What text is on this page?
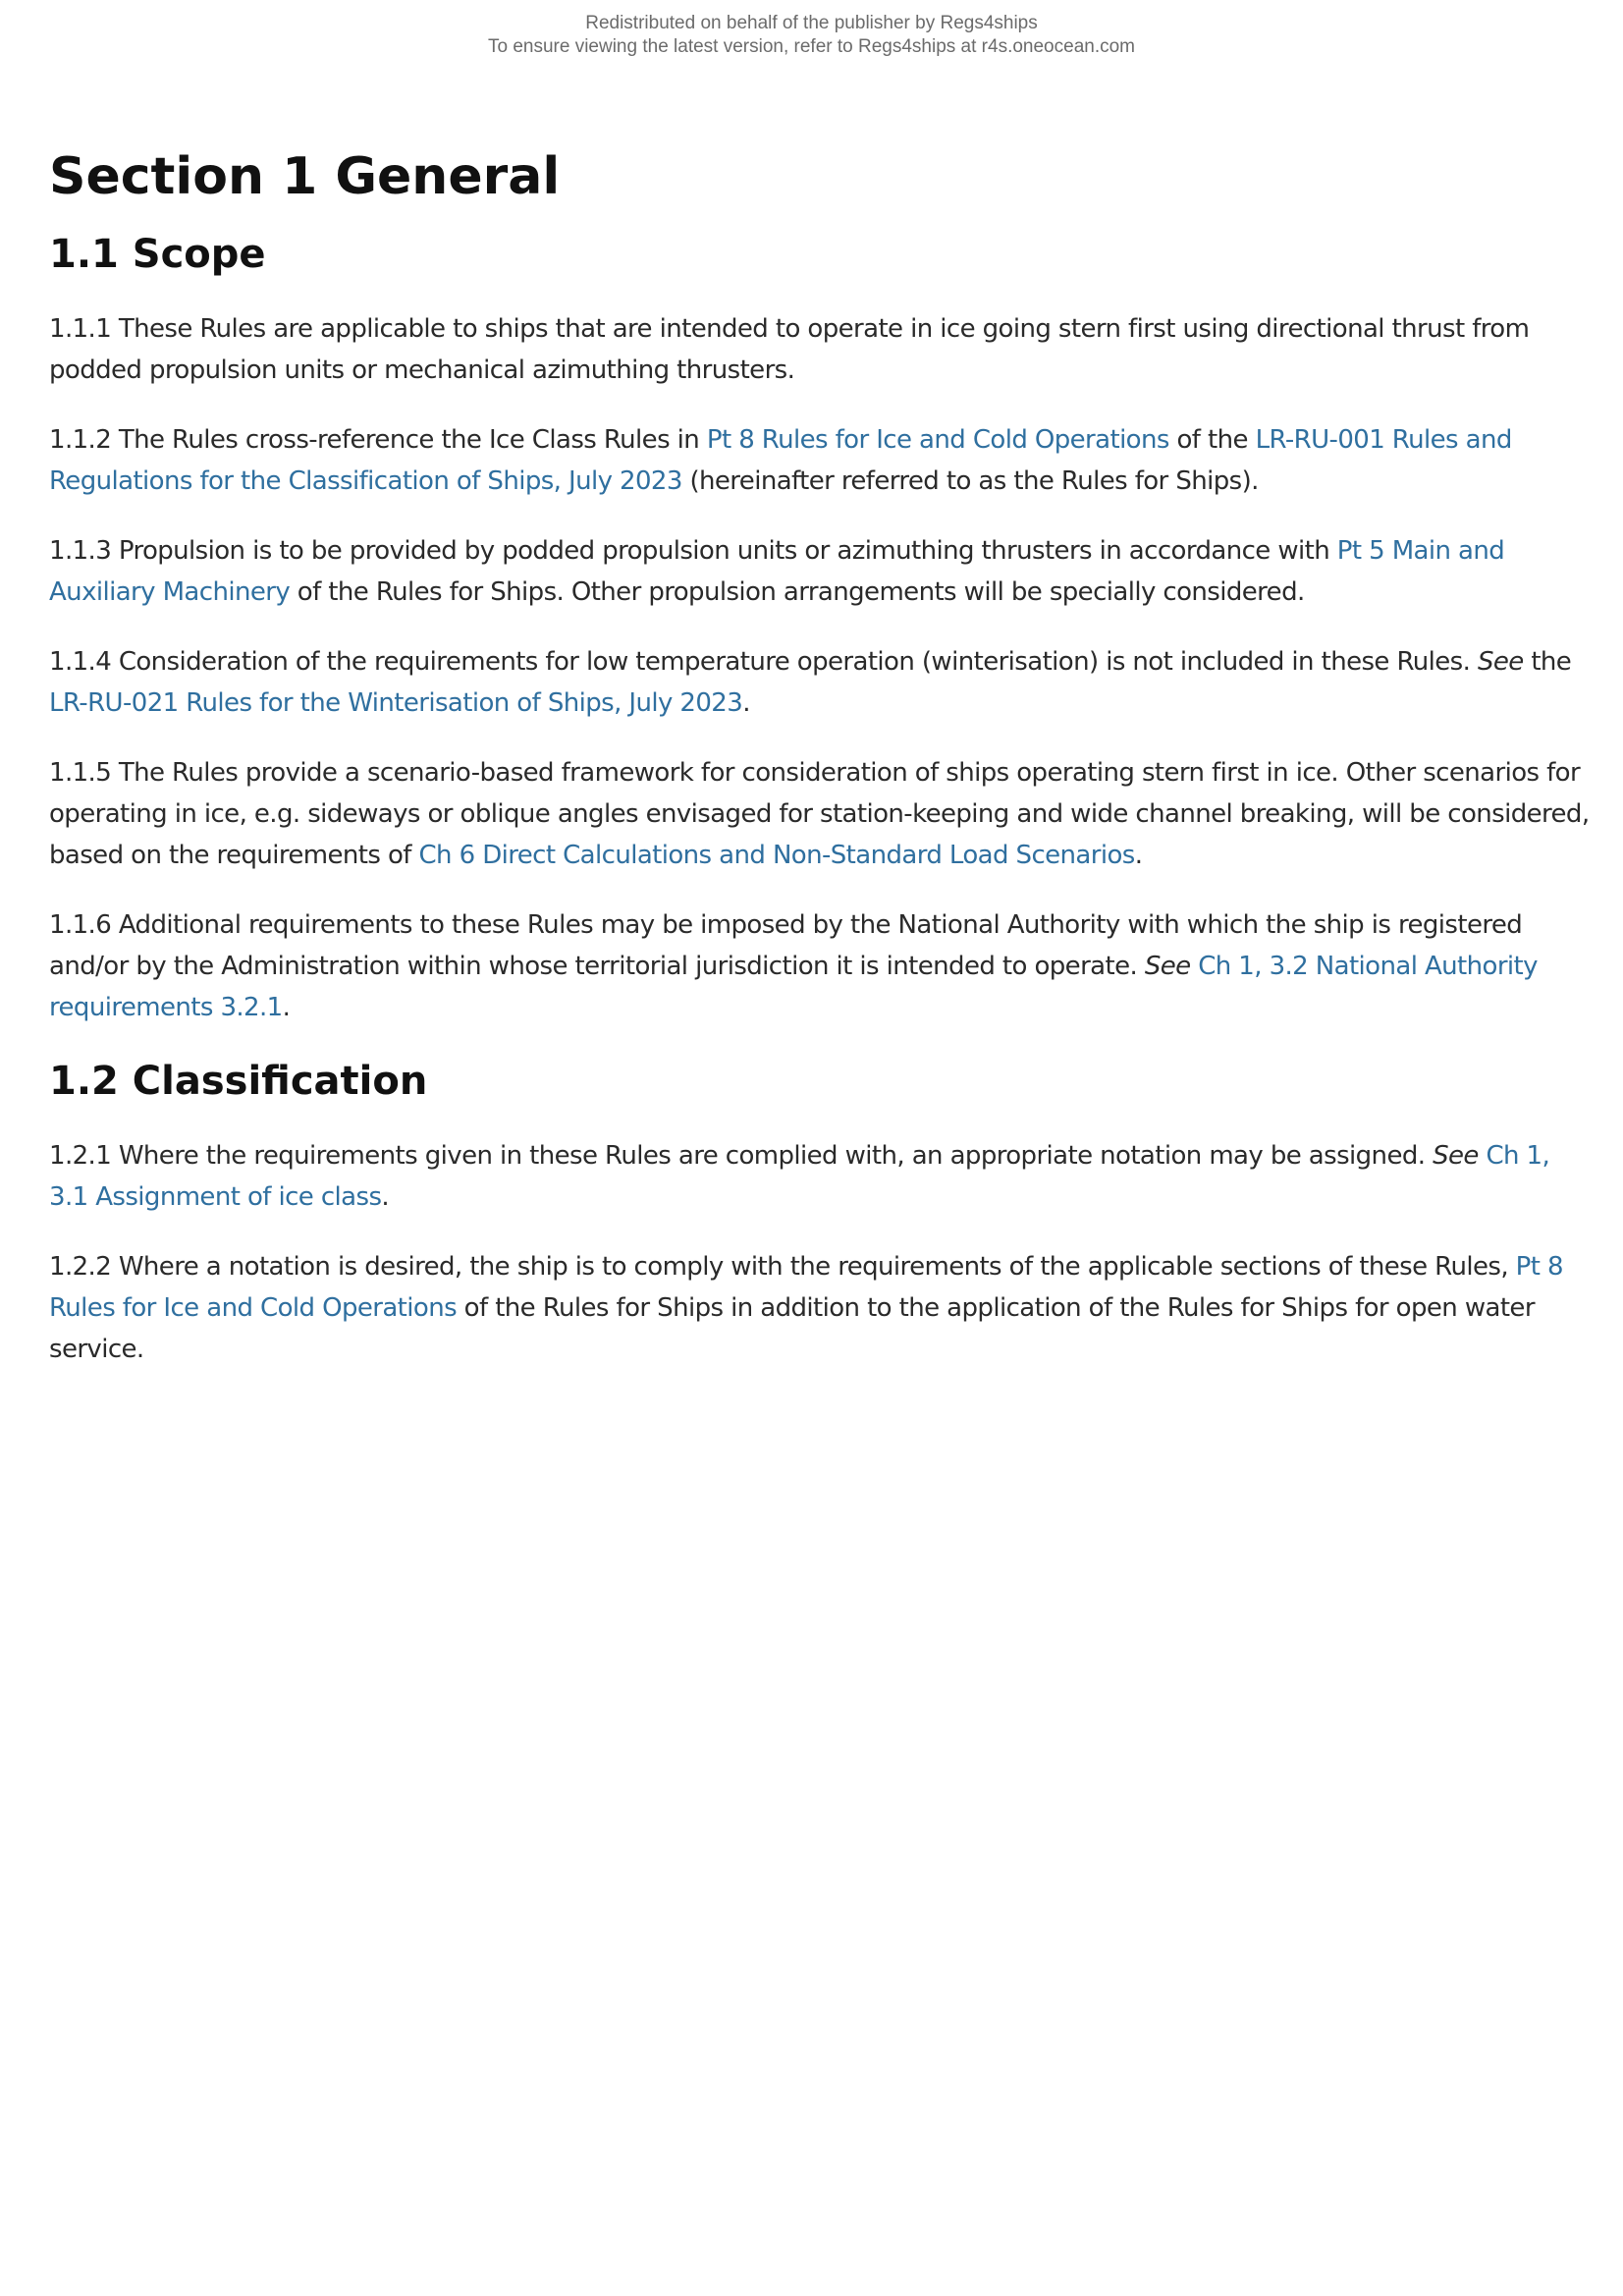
Redistributed on behalf of the publisher by Regs4ships
To ensure viewing the latest version, refer to Regs4ships at r4s.oneocean.com
Section 1 General
1.1 Scope

1.1.1 These Rules are applicable to ships that are intended to operate in ice going stern first using directional thrust from podded propulsion units or mechanical azimuthing thrusters.

1.1.2 The Rules cross-reference the Ice Class Rules in Pt 8 Rules for Ice and Cold Operations of the LR-RU-001 Rules and Regulations for the Classification of Ships, July 2023 (hereinafter referred to as the Rules for Ships).

1.1.3 Propulsion is to be provided by podded propulsion units or azimuthing thrusters in accordance with Pt 5 Main and Auxiliary Machinery of the Rules for Ships. Other propulsion arrangements will be specially considered.

1.1.4 Consideration of the requirements for low temperature operation (winterisation) is not included in these Rules. See the LR-RU-021 Rules for the Winterisation of Ships, July 2023.

1.1.5 The Rules provide a scenario-based framework for consideration of ships operating stern first in ice. Other scenarios for operating in ice, e.g. sideways or oblique angles envisaged for station-keeping and wide channel breaking, will be considered, based on the requirements of Ch 6 Direct Calculations and Non-Standard Load Scenarios.

1.1.6 Additional requirements to these Rules may be imposed by the National Authority with which the ship is registered and/or by the Administration within whose territorial jurisdiction it is intended to operate. See Ch 1, 3.2 National Authority requirements 3.2.1.

1.2 Classification

1.2.1 Where the requirements given in these Rules are complied with, an appropriate notation may be assigned. See Ch 1, 3.1 Assignment of ice class.

1.2.2 Where a notation is desired, the ship is to comply with the requirements of the applicable sections of these Rules, Pt 8 Rules for Ice and Cold Operations of the Rules for Ships in addition to the application of the Rules for Ships for open water service.
